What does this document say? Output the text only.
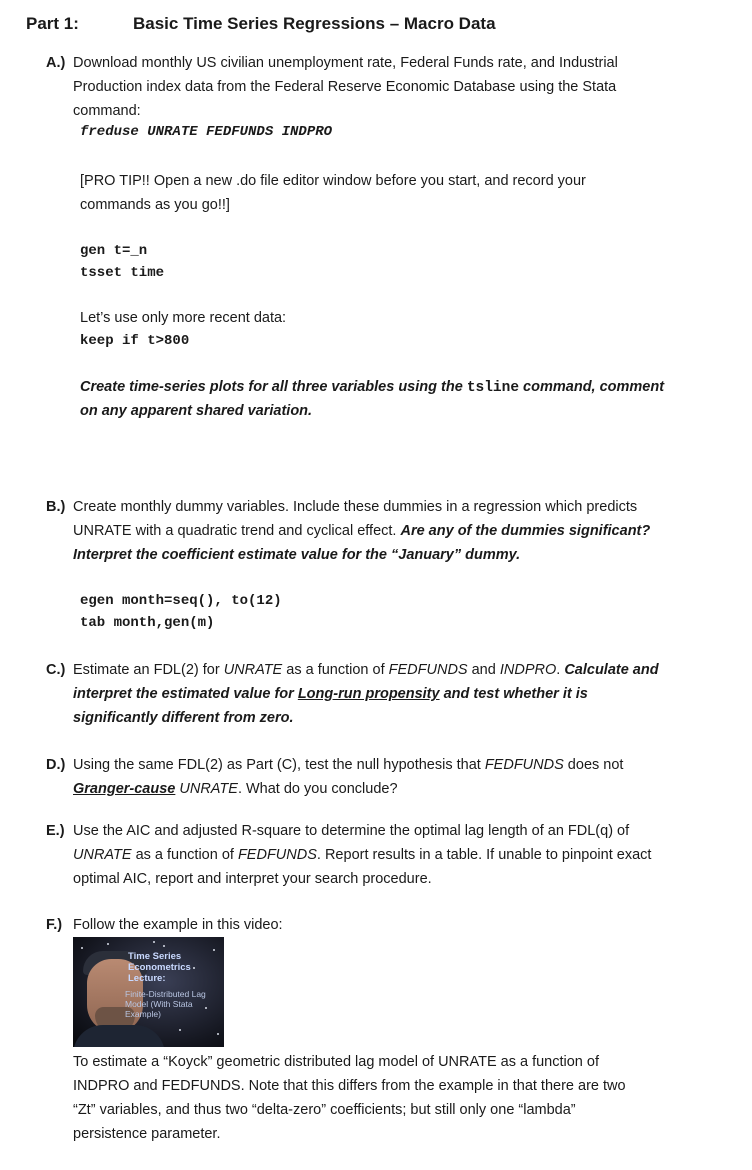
Part 1:	Basic Time Series Regressions – Macro Data
A.) Download monthly US civilian unemployment rate, Federal Funds rate, and Industrial
Production index data from the Federal Reserve Economic Database using the Stata
command:
freduse UNRATE FEDFUNDS INDPRO
[PRO TIP!! Open a new .do file editor window before you start, and record your
commands as you go!!]
gen t=_n
tsset time
Let’s use only more recent data:
keep if t>800
Create time-series plots for all three variables using the tsline command, comment
on any apparent shared variation.
B.) Create monthly dummy variables. Include these dummies in a regression which predicts
UNRATE with a quadratic trend and cyclical effect. Are any of the dummies significant?
Interpret the coefficient estimate value for the “January” dummy.
egen month=seq(), to(12)
tab month,gen(m)
C.) Estimate an FDL(2) for UNRATE as a function of FEDFUNDS and INDPRO. Calculate and
interpret the estimated value for Long-run propensity and test whether it is
significantly different from zero.
D.) Using the same FDL(2) as Part (C), test the null hypothesis that FEDFUNDS does not
Granger-cause UNRATE. What do you conclude?
E.) Use the AIC and adjusted R-square to determine the optimal lag length of an FDL(q) of
UNRATE as a function of FEDFUNDS. Report results in a table. If unable to pinpoint exact
optimal AIC, report and interpret your search procedure.
F.) Follow the example in this video:
Time Series
Econometrics
Lecture:
Finite-Distributed Lag
Model (With Stata
Example)
To estimate a “Koyck” geometric distributed lag model of UNRATE as a function of
INDPRO and FEDFUNDS. Note that this differs from the example in that there are two
“Zt” variables, and thus two “delta-zero” coefficients; but still only one “lambda”
persistence parameter.
